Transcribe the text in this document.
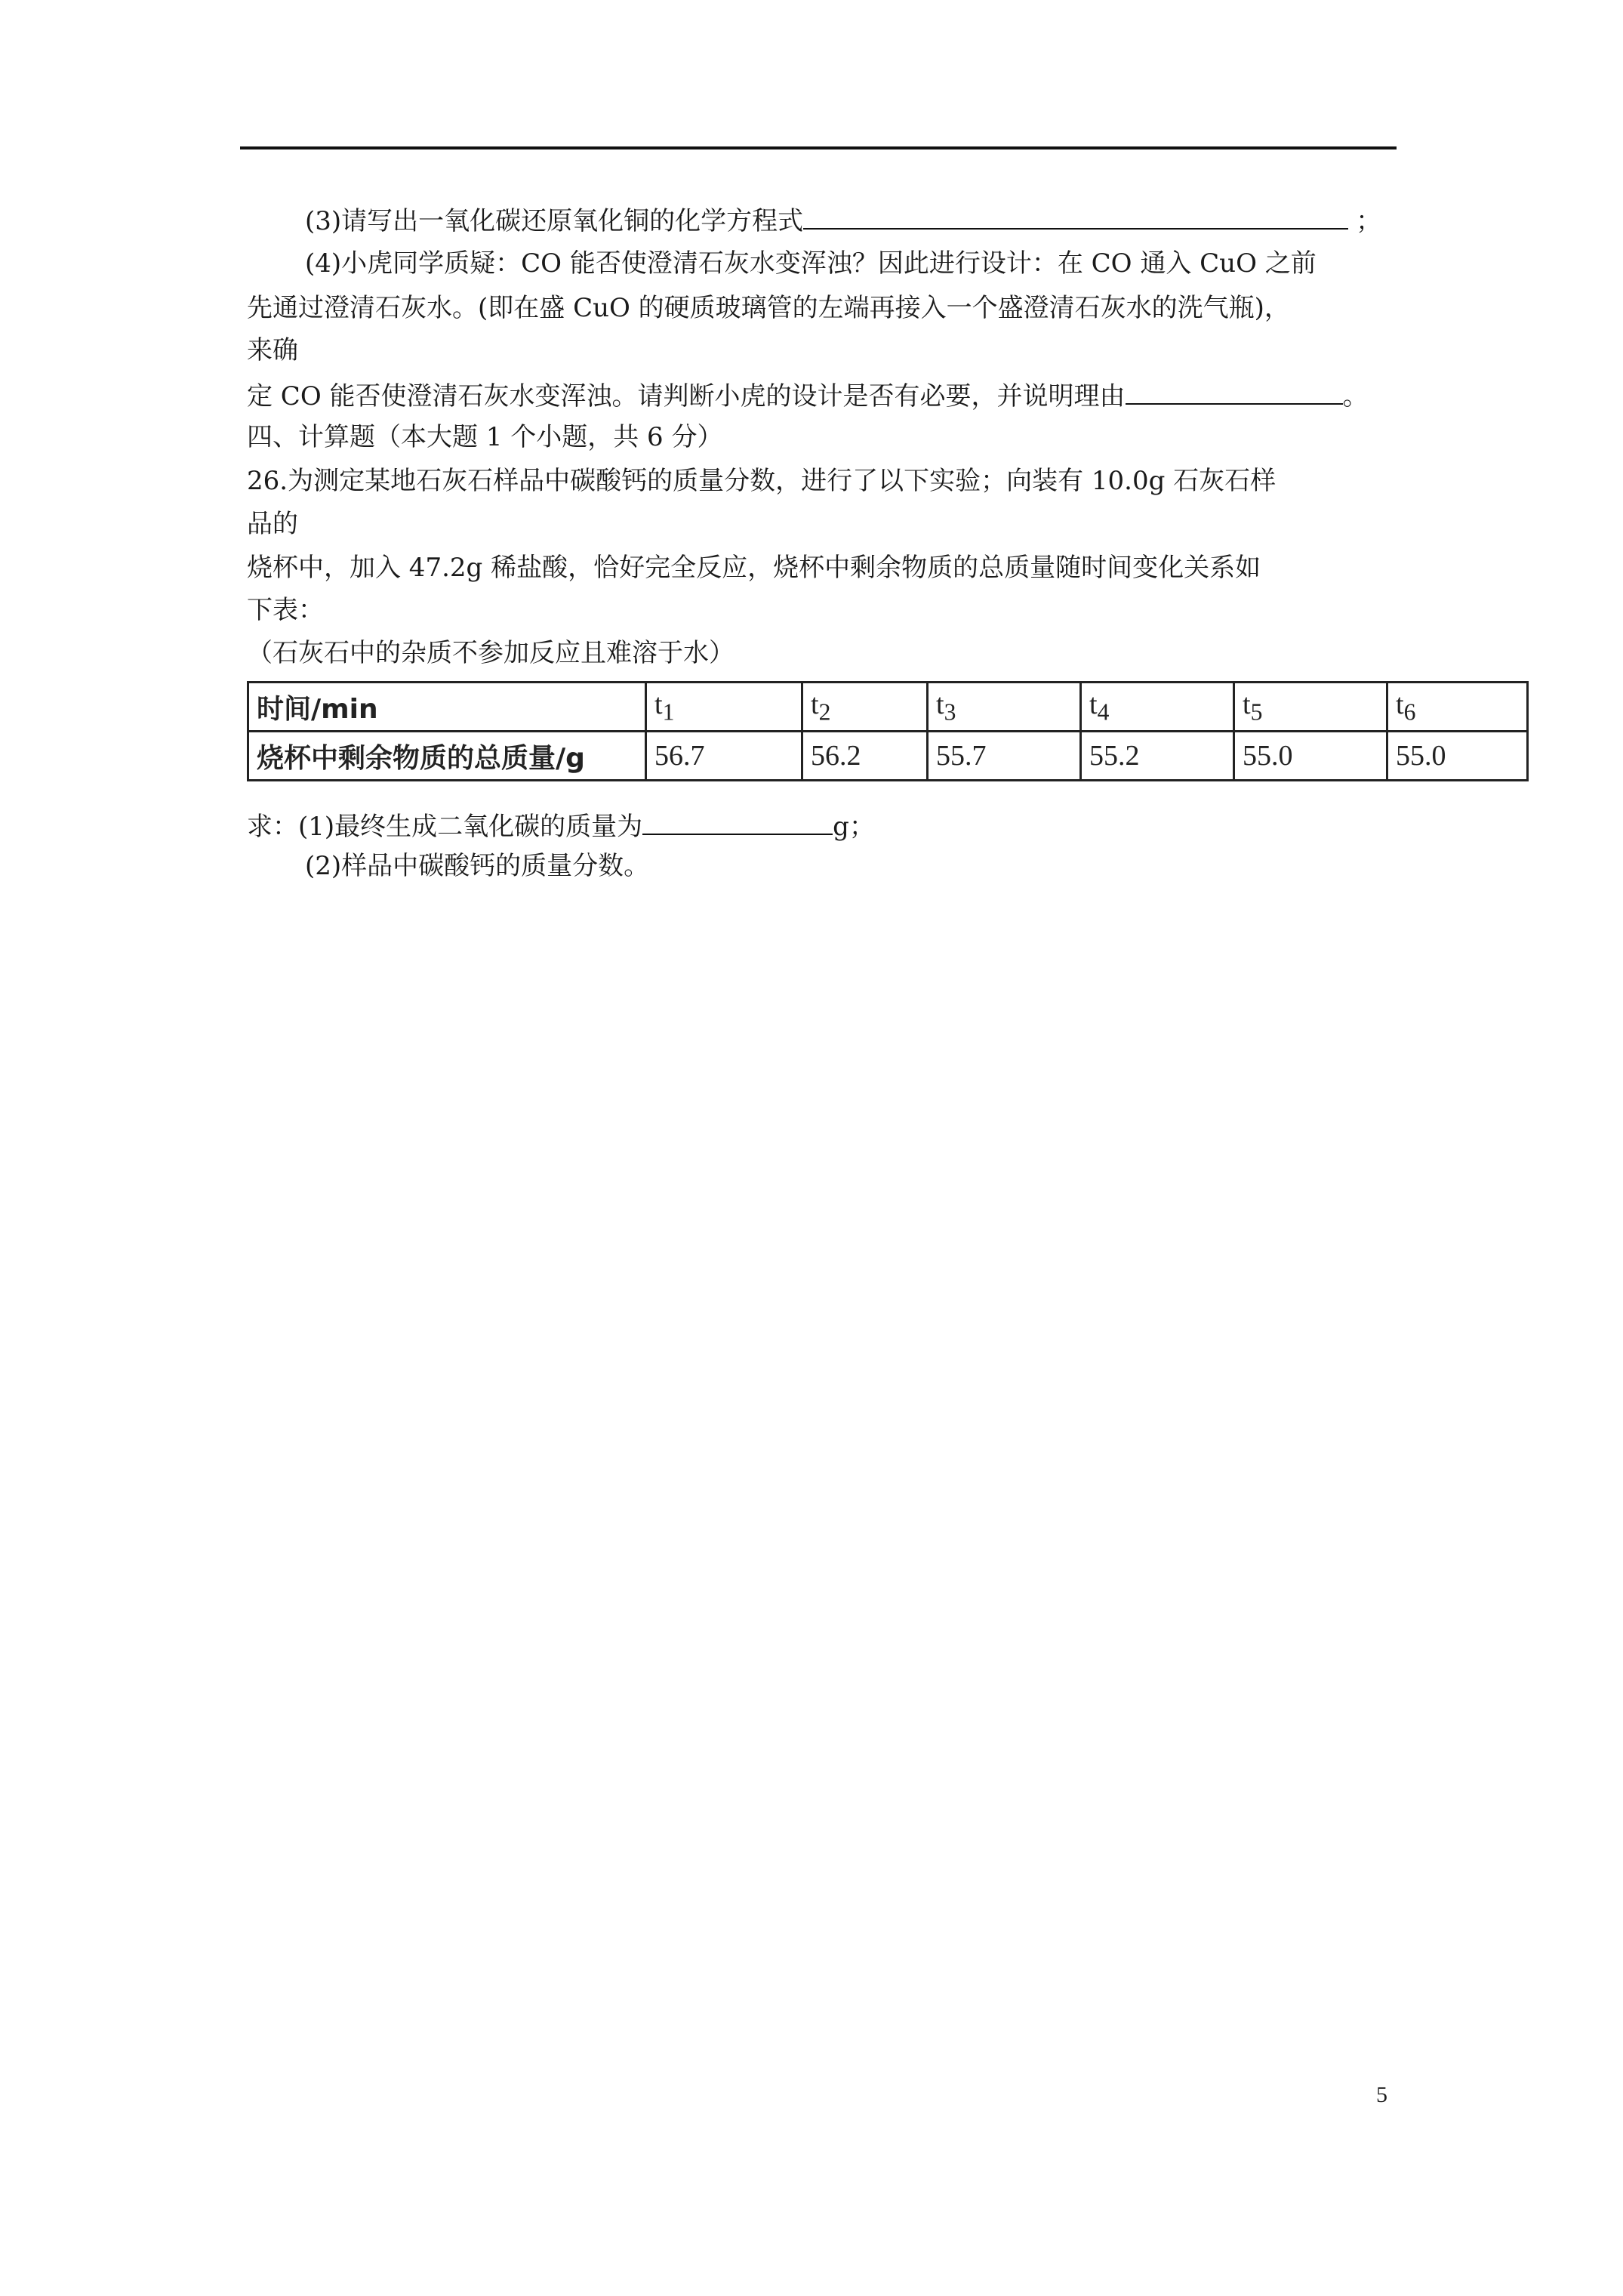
(3)请写出一氧化碳还原氧化铜的化学方程式	；
(4)小虎同学质疑：CO 能否使澄清石灰水变浑浊？因此进行设计：在 CO 通入 CuO 之前
先通过澄清石灰水。(即在盛 CuO 的硬质玻璃管的左端再接入一个盛澄清石灰水的洗气瓶)，
来确
定 CO 能否使澄清石灰水变浑浊。请判断小虎的设计是否有必要，并说明理由	。
四、计算题（本大题 1 个小题，共 6 分）
26.为测定某地石灰石样品中碳酸钙的质量分数，进行了以下实验；向装有 10.0g 石灰石样
品的
烧杯中，加入 47.2g 稀盐酸，恰好完全反应，烧杯中剩余物质的总质量随时间变化关系如
下表：
（石灰石中的杂质不参加反应且难溶于水）
时间/min	$t_1$	$t_2$	$t_3$	$t_4$	$t_5$	$t_6$
烧杯中剩余物质的总质量/g	56.7	56.2	55.7	55.2	55.0	55.0
求：(1)最终生成二氧化碳的质量为	g；
(2)样品中碳酸钙的质量分数。
5
